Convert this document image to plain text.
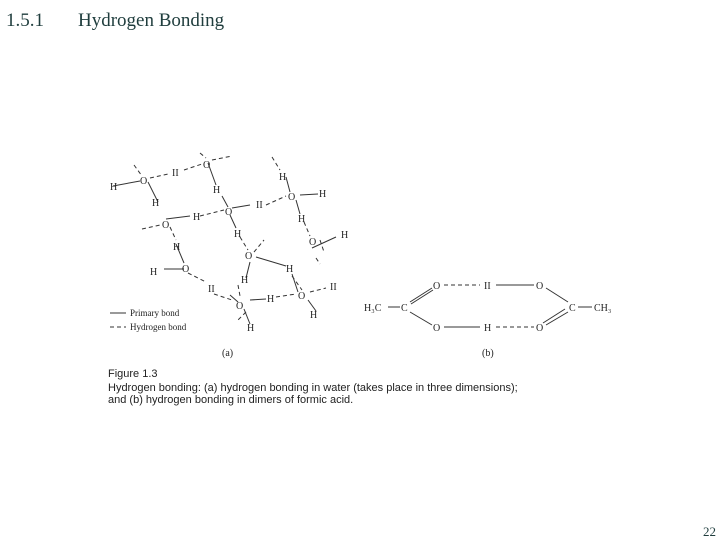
1.5.1 Hydrogen Bonding
H
O
II
O
H
H
O
H O
II
H
O H
H
H
H	O
H
O
H O	H
H
II	II
O
H O
H
H
Primary bond
Hydrogen bond
(a)	(b)
H₃C C
O
O
II
H
O
O
C CH₃
Figure 1.3
Hydrogen bonding: (a) hydrogen bonding in water (takes place in three dimensions);
and (b) hydrogen bonding in dimers of formic acid.
22
